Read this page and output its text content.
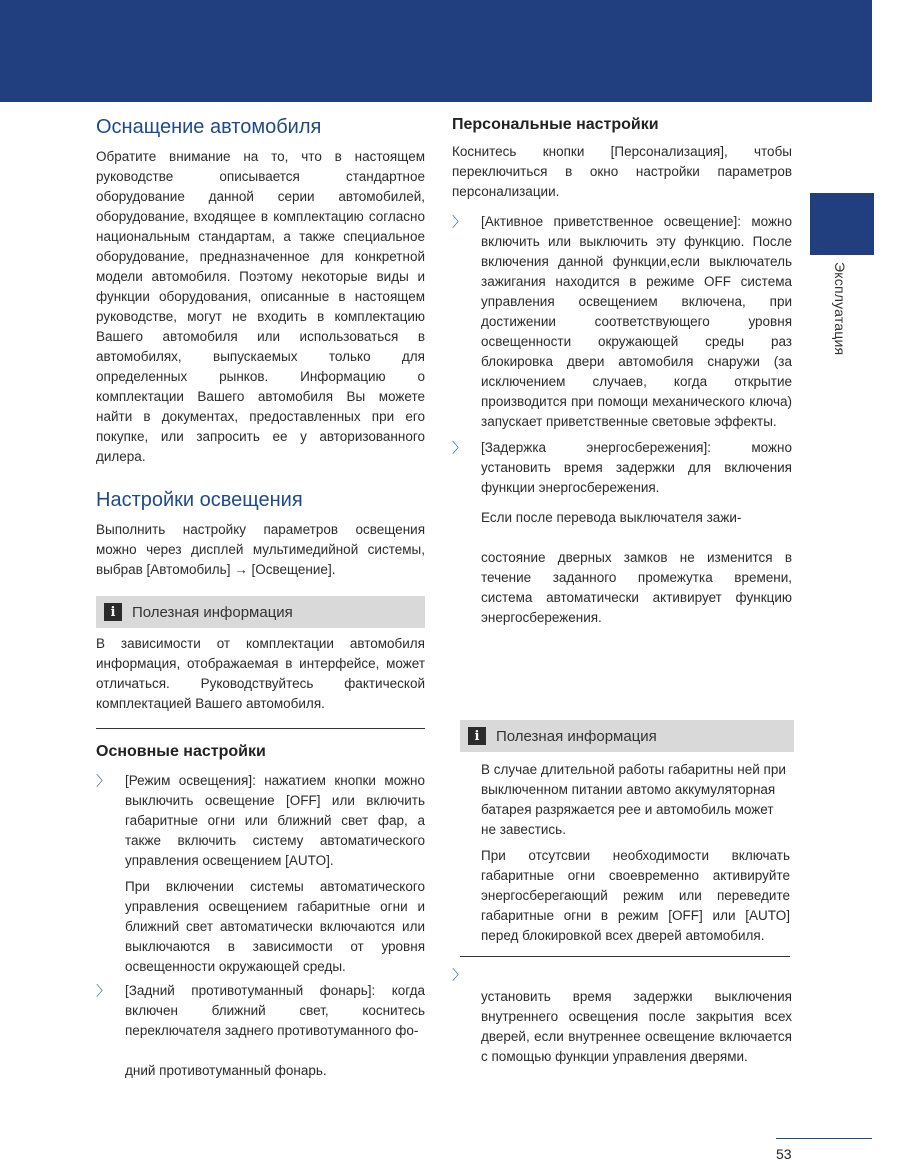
Эксплуатация
Оснащение автомобиля

Обратите внимание на то, что в настоящем руководстве описывается стандартное оборудование данной серии автомобилей, оборудование, входящее в комплектацию согласно национальным стандартам, а также специальное оборудование, предназначенное для конкретной модели автомобиля. Поэтому некоторые виды и функции оборудования, описанные в настоящем руководстве, могут не входить в комплектацию Вашего автомобиля или использоваться в автомобилях, выпускаемых только для определенных рынков. Информацию о комплектации Вашего автомобиля Вы можете найти в документах, предоставленных при его покупке, или запросить ее у авторизованного дилера.

Настройки освещения

Выполнить настройку параметров освещения можно через дисплей мультимедийной системы, выбрав [Автомобиль] → [Освещение].

i	Полезная информация

В зависимости от комплектации автомобиля информация, отображаемая в интерфейсе, может отличаться. Руководствуйтесь фактической комплектацией Вашего автомобиля.

Основные настройки
〉 [Режим освещения]: нажатием кнопки можно выключить освещение [OFF] или включить габаритные огни или ближний свет фар, а также включить систему автоматического управления освещением [AUTO].

При включении системы автоматического управления освещением габаритные огни и ближний свет автоматически включаются или выключаются в зависимости от уровня освещенности окружающей среды.

〉 [Задний противотуманный фонарь]: когда включен ближний свет, коснитесь переключателя заднего противотуманного фо-

дний противотуманный фонарь.

Персональные настройки

Коснитесь кнопки [Персонализация], чтобы переключиться в окно настройки параметров персонализации.

〉 [Активное приветственное освещение]: можно включить или выключить эту функцию. После включения данной функции,если выключатель зажигания находится в режиме OFF система управления освещением включена, при достижении соответствующего уровня освещенности окружающей среды раз блокировка двери автомобиля снаружи (за исключением случаев, когда открытие производится при помощи механического ключа) запускает приветственные световые эффекты.

〉 [Задержка энергосбережения]: можно установить время задержки для включения функции энергосбережения.

Если после перевода выключателя зажи-

состояние дверных замков не изменится в течение заданного промежутка времени, система автоматически активирует функцию энергосбережения.

i	Полезная информация

В случае длительной работы габаритны ней при выключенном питании автомо аккумуляторная батарея разряжается рее и автомобиль может не завестись.

При отсутсвии необходимости включать габаритные огни своевременно активируйте энергосберегающий режим или переведите габаритные огни в режим [OFF] или [AUTO] перед блокировкой всех дверей автомобиля.

〉

установить время задержки выключения внутреннего освещения после закрытия всех дверей, если внутреннее освещение включается с помощью функции управления дверями.

53
